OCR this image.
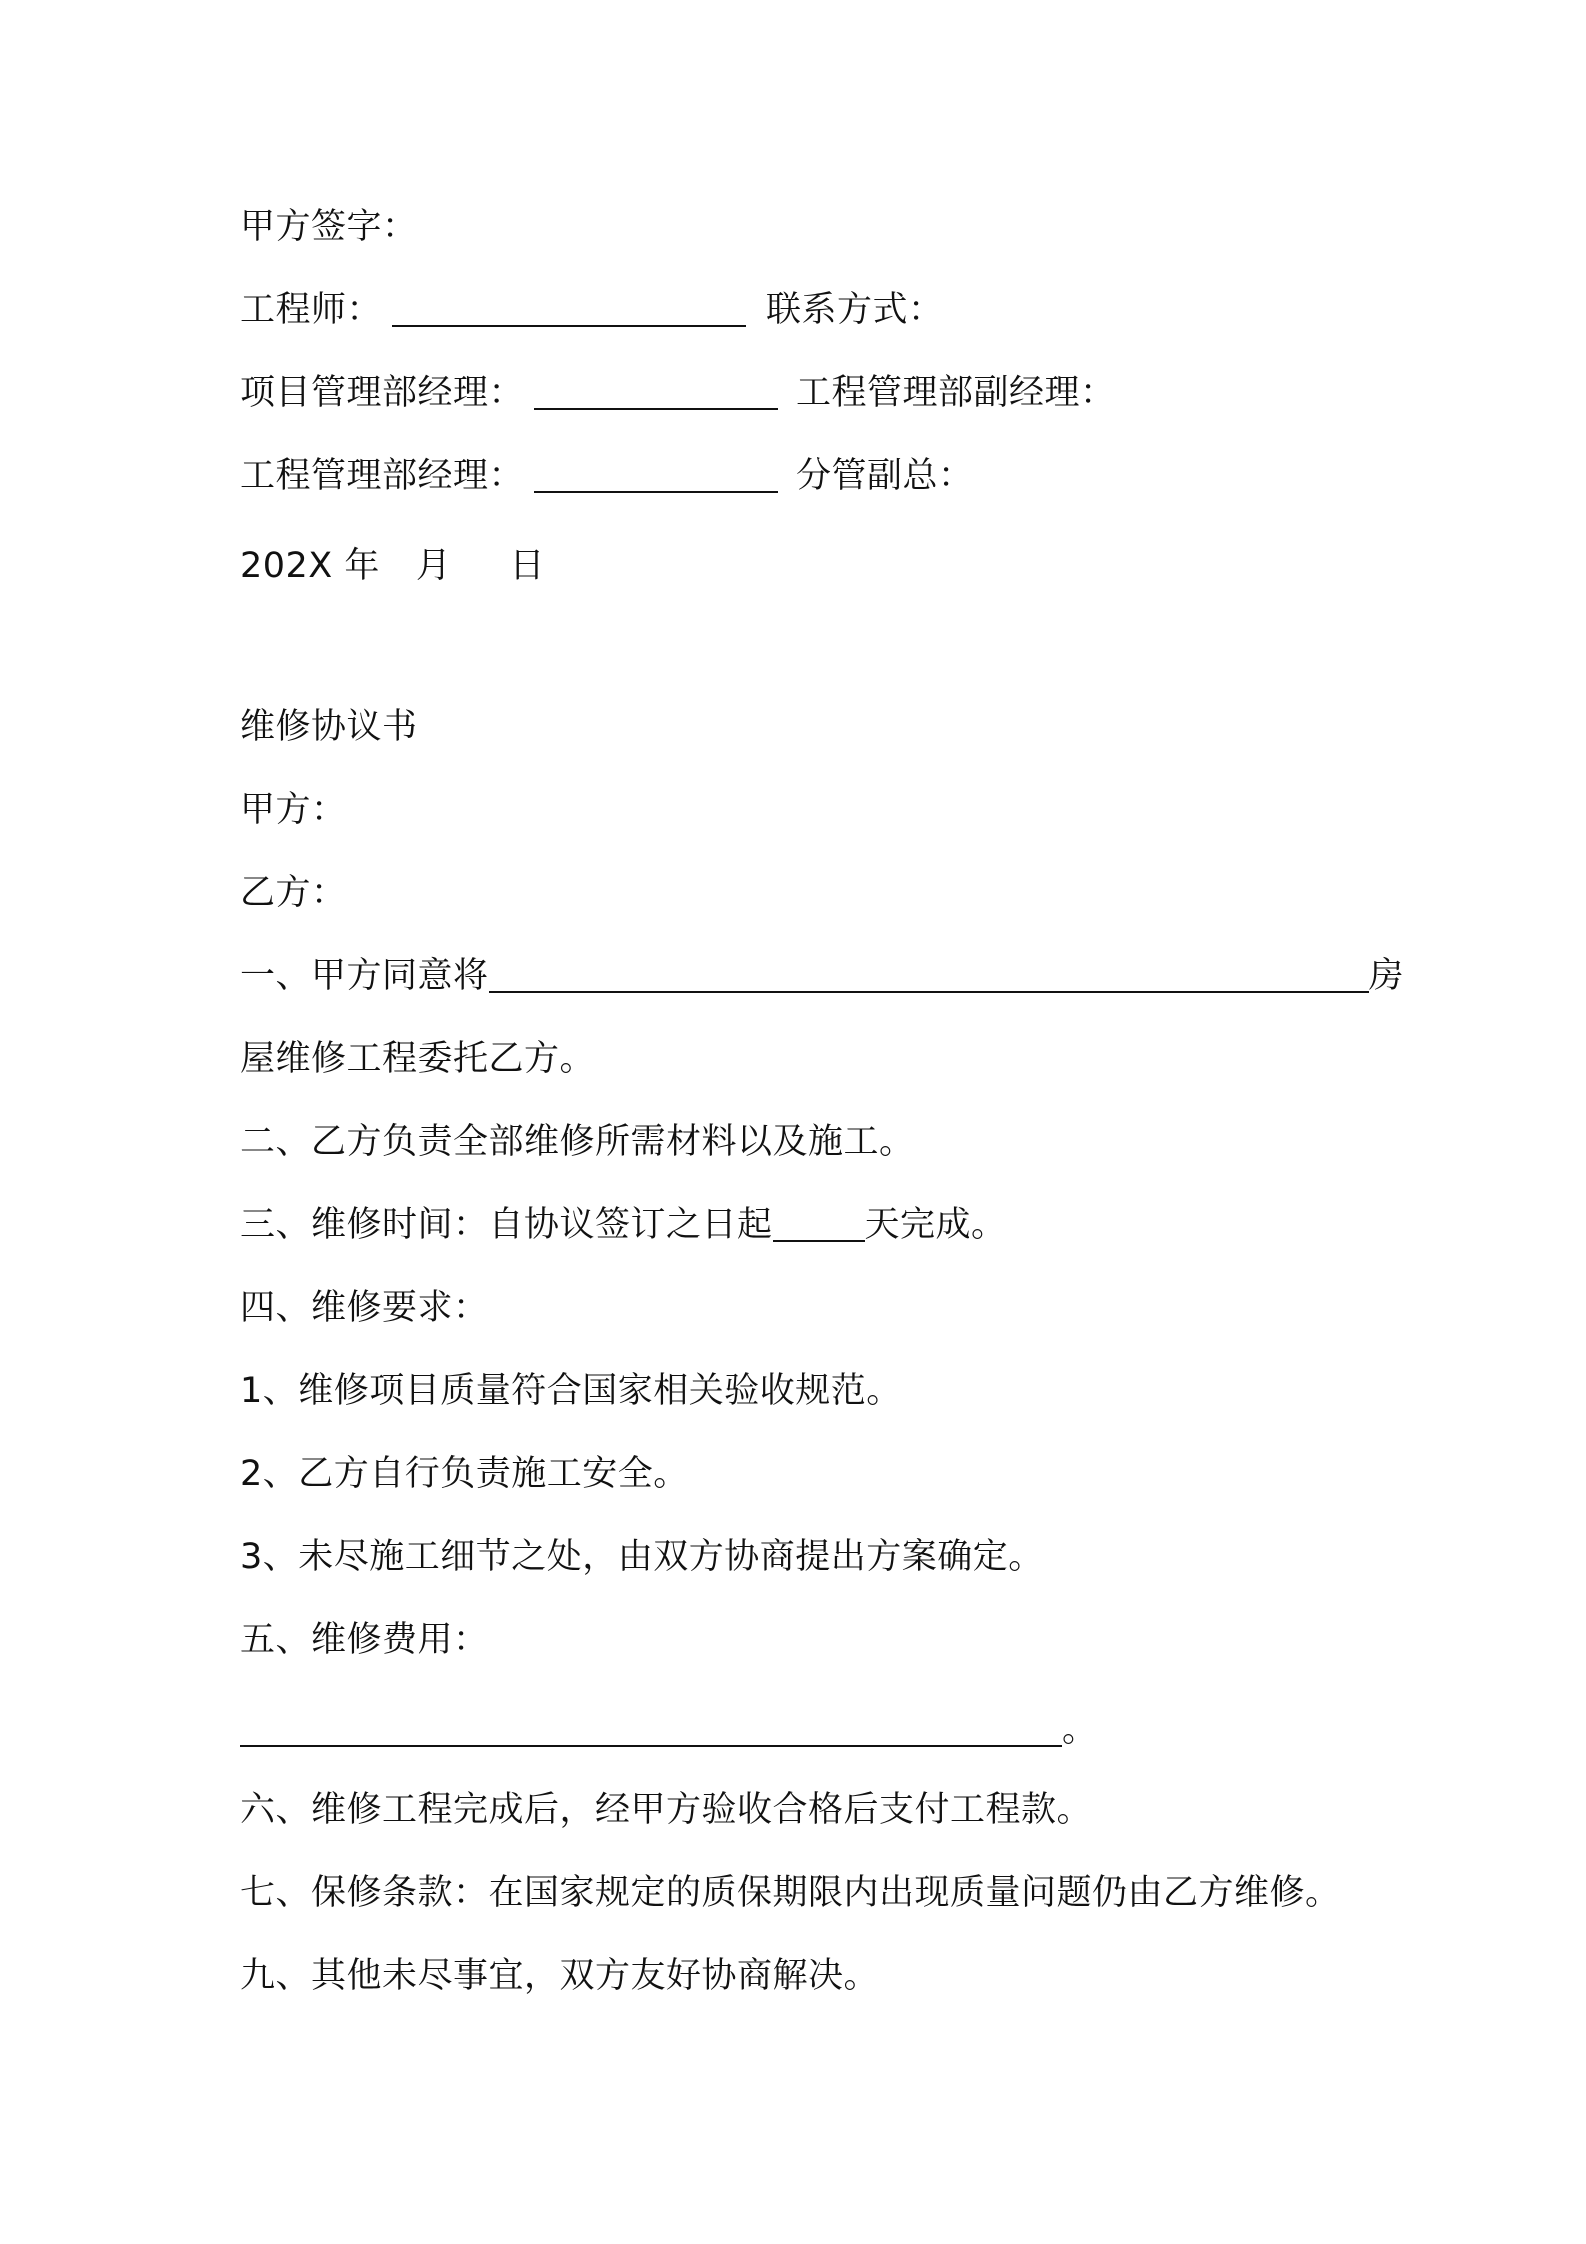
甲方签字：
工程师：	联系方式：
项目管理部经理：	工程管理部副经理：
工程管理部经理：	分管副总：
202X 年 月 日
维修协议书
甲方：
乙方：
一、甲方同意将	房
屋维修工程委托乙方。
二、乙方负责全部维修所需材料以及施工。
三、维修时间：自协议签订之日起	天完成。
四、维修要求：
1、维修项目质量符合国家相关验收规范。
2、乙方自行负责施工安全。
3、未尽施工细节之处，由双方协商提出方案确定。
五、维修费用：
。
六、维修工程完成后，经甲方验收合格后支付工程款。
七、保修条款：在国家规定的质保期限内出现质量问题仍由乙方维修。
九、其他未尽事宜，双方友好协商解决。
